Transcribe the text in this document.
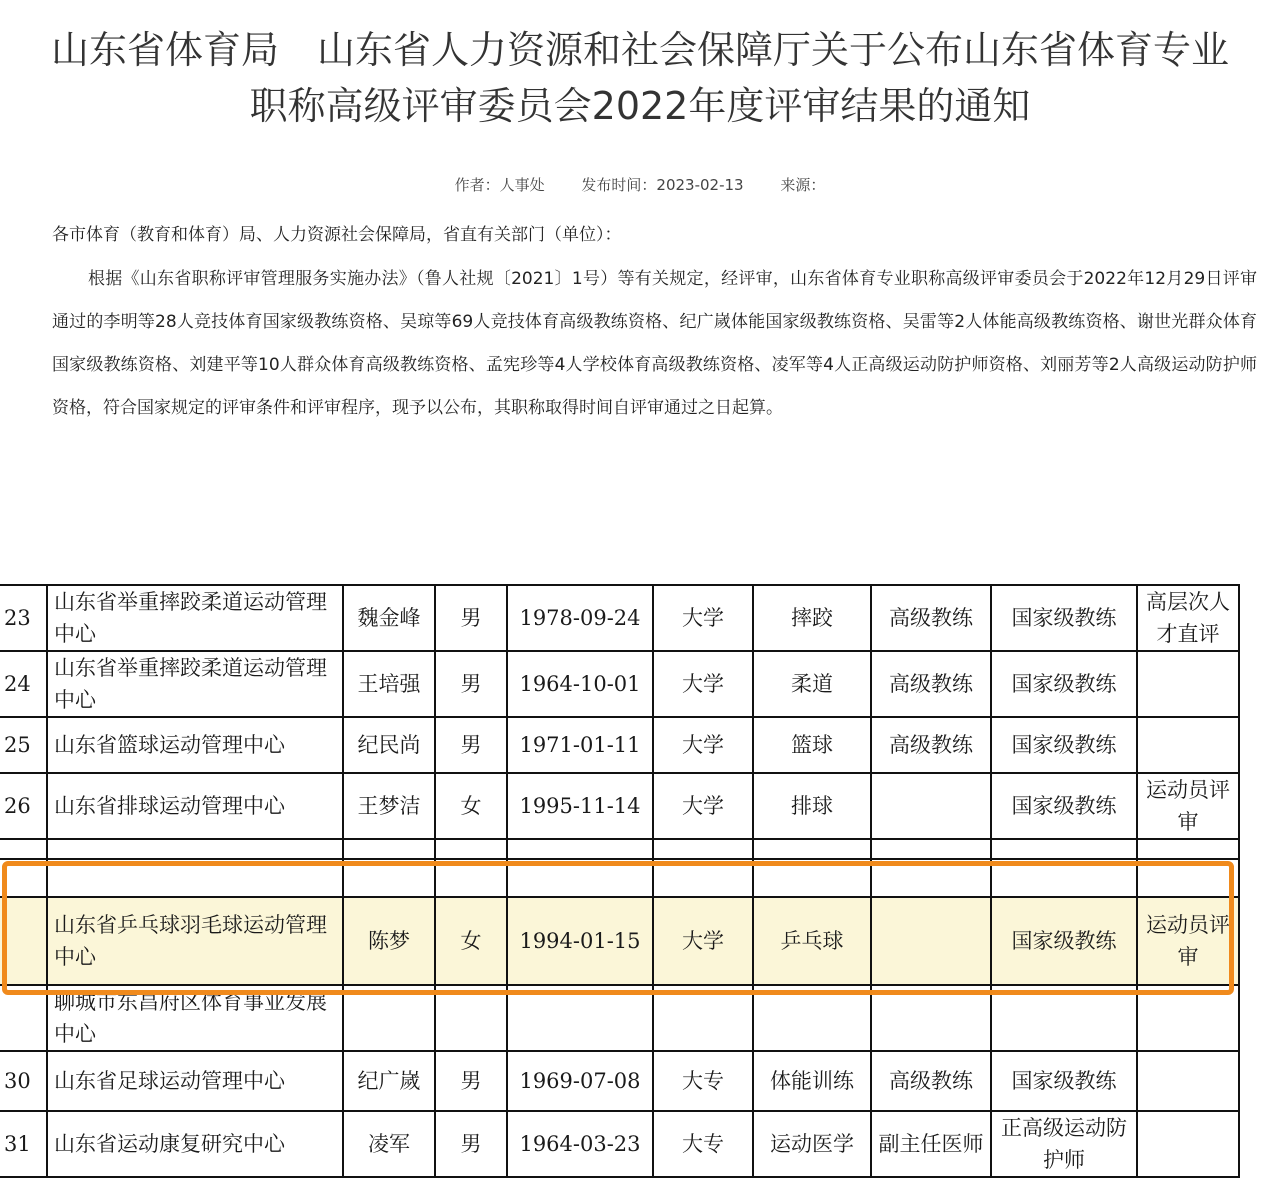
山东省体育局　山东省人力资源和社会保障厅关于公布山东省体育专业
职称高级评审委员会2022年度评审结果的通知
作者：人事处 发布时间：2023-02-13 来源：
各市体育（教育和体育）局、人力资源社会保障局，省直有关部门（单位）：
根据《山东省职称评审管理服务实施办法》（鲁人社规〔2021〕1号）等有关规定，经评审，山东省体育专业职称高级评审委员会于2022年12月29日评审通过的李明等28人竞技体育国家级教练资格、吴琼等69人竞技体育高级教练资格、纪广嵗体能国家级教练资格、吴雷等2人体能高级教练资格、谢世光群众体育国家级教练资格、刘建平等10人群众体育高级教练资格、孟宪珍等4人学校体育高级教练资格、凌军等4人正高级运动防护师资格、刘丽芳等2人高级运动防护师资格，符合国家规定的评审条件和评审程序，现予以公布，其职称取得时间自评审通过之日起算。
23	山东省举重摔跤柔道运动管理中心	魏金峰	男	1978-09-24	大学	摔跤	高级教练	国家级教练	高层次人才直评
24	山东省举重摔跤柔道运动管理中心	王培强	男	1964-10-01	大学	柔道	高级教练	国家级教练	
25	山东省篮球运动管理中心	纪民尚	男	1971-01-11	大学	篮球	高级教练	国家级教练	
26	山东省排球运动管理中心	王梦洁	女	1995-11-14	大学	排球		国家级教练	运动员评审

	山东省乒乓球羽毛球运动管理中心	陈梦	女	1994-01-15	大学	乒乓球		国家级教练	运动员评审
	聊城市东昌府区体育事业发展中心								
30	山东省足球运动管理中心	纪广嵗	男	1969-07-08	大专	体能训练	高级教练	国家级教练	
31	山东省运动康复研究中心	凌军	男	1964-03-23	大专	运动医学	副主任医师	正高级运动防护师	
